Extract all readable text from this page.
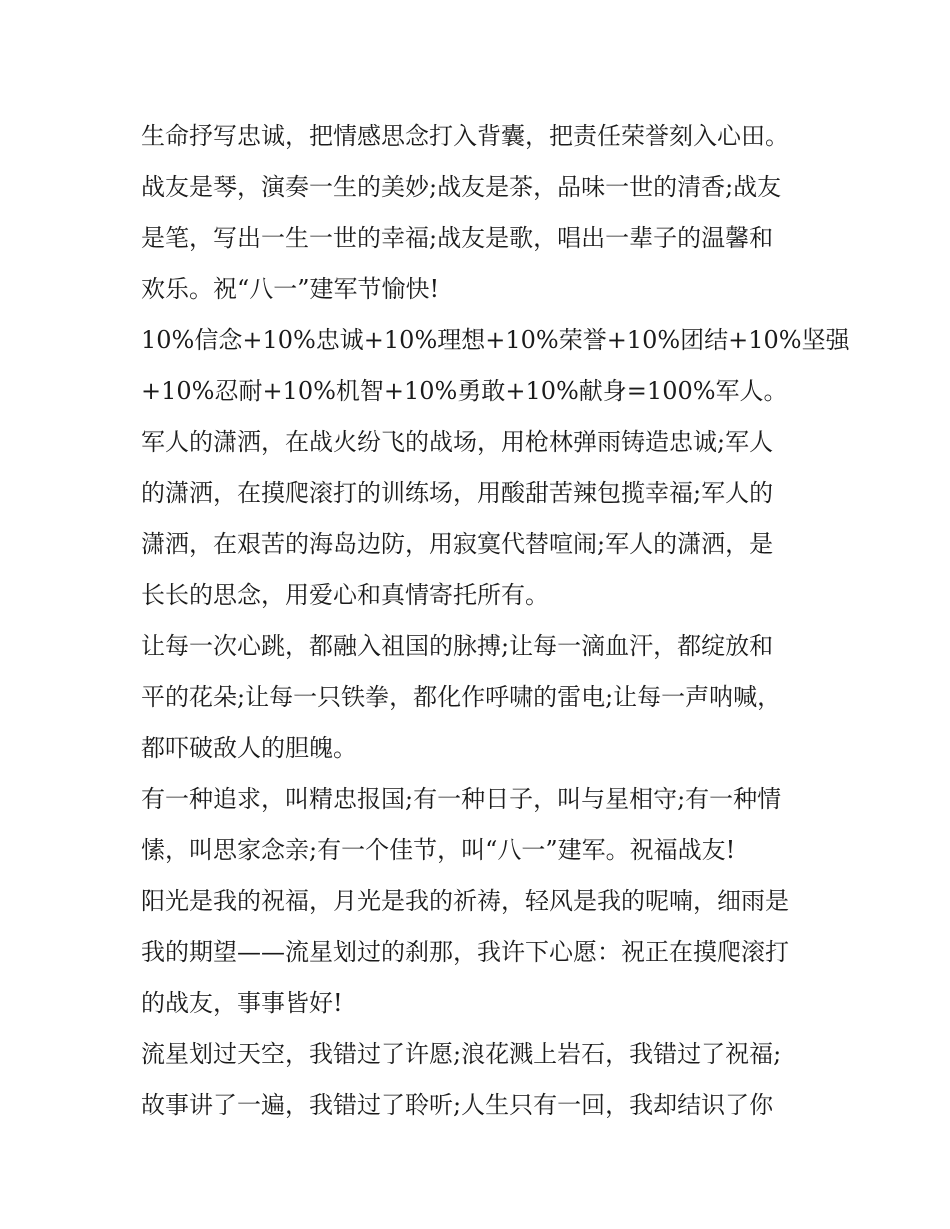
生命抒写忠诚，把情感思念打入背囊，把责任荣誉刻入心田。
战友是琴，演奏一生的美妙;战友是茶，品味一世的清香;战友
是笔，写出一生一世的幸福;战友是歌，唱出一辈子的温馨和
欢乐。祝“八一”建军节愉快!
10%信念+10%忠诚+10%理想+10%荣誉+10%团结+10%坚强
+10%忍耐+10%机智+10%勇敢+10%献身=100%军人。
军人的潇洒，在战火纷飞的战场，用枪林弹雨铸造忠诚;军人
的潇洒，在摸爬滚打的训练场，用酸甜苦辣包揽幸福;军人的
潇洒，在艰苦的海岛边防，用寂寞代替喧闹;军人的潇洒，是
长长的思念，用爱心和真情寄托所有。
让每一次心跳，都融入祖国的脉搏;让每一滴血汗，都绽放和
平的花朵;让每一只铁拳，都化作呼啸的雷电;让每一声呐喊，
都吓破敌人的胆魄。
有一种追求，叫精忠报国;有一种日子，叫与星相守;有一种情
愫，叫思家念亲;有一个佳节，叫“八一”建军。祝福战友!
阳光是我的祝福，月光是我的祈祷，轻风是我的呢喃，细雨是
我的期望——流星划过的刹那，我许下心愿：祝正在摸爬滚打
的战友，事事皆好!
流星划过天空，我错过了许愿;浪花溅上岩石，我错过了祝福;
故事讲了一遍，我错过了聆听;人生只有一回，我却结识了你
